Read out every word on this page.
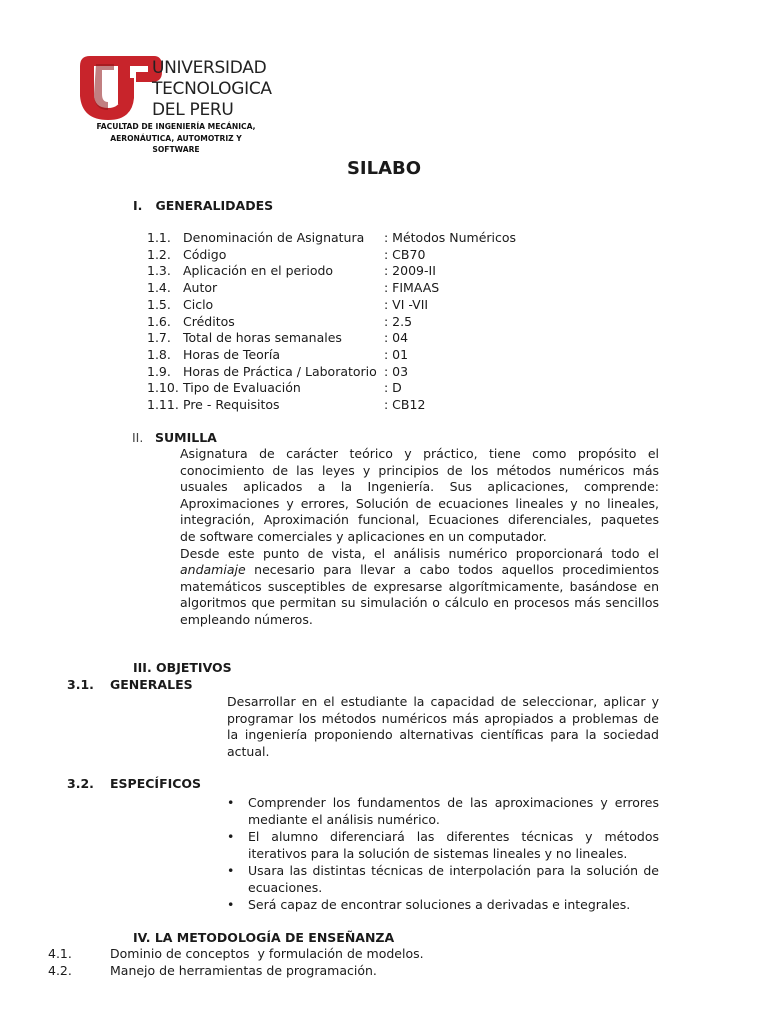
UNIVERSIDAD
TECNOLOGICA
DEL PERU
FACULTAD DE INGENIERÍA MECÁNICA,
AERONÁUTICA, AUTOMOTRIZ Y
SOFTWARE
SILABO
I.   GENERALIDADES
1.1. Denominación de Asignatura : Métodos Numéricos
1.2. Código	: CB70
1.3. Aplicación en el periodo	: 2009-II
1.4. Autor	: FIMAAS
1.5. Ciclo	: VI -VII
1.6. Créditos	: 2.5
1.7. Total de horas semanales	: 04
1.8. Horas de Teoría	: 01
1.9. Horas de Práctica / Laboratorio : 03
1.10. Tipo de Evaluación	: D
1.11. Pre - Requisitos	: CB12
II. SUMILLA
Asignatura de carácter teórico y práctico, tiene como propósito el
conocimiento de las leyes y principios de los métodos numéricos más
usuales aplicados a la Ingeniería. Sus aplicaciones, comprende:
Aproximaciones y errores, Solución de ecuaciones lineales y no lineales,
integración, Aproximación funcional, Ecuaciones diferenciales, paquetes
de software comerciales y aplicaciones en un computador.
Desde este punto de vista, el análisis numérico proporcionará todo el
andamiaje necesario para llevar a cabo todos aquellos procedimientos
matemáticos susceptibles de expresarse algorítmicamente, basándose en
algoritmos que permitan su simulación o cálculo en procesos más sencillos
empleando números.
III. OBJETIVOS
3.1. GENERALES
Desarrollar en el estudiante la capacidad de seleccionar, aplicar y
programar los métodos numéricos más apropiados a problemas de
la ingeniería proponiendo alternativas científicas para la sociedad
actual.
3.2. ESPECÍFICOS
• Comprender los fundamentos de las aproximaciones y errores
mediante el análisis numérico.
• El alumno diferenciará las diferentes técnicas y métodos
iterativos para la solución de sistemas lineales y no lineales.
• Usara las distintas técnicas de interpolación para la solución de
ecuaciones.
• Será capaz de encontrar soluciones a derivadas e integrales.
IV. LA METODOLOGÍA DE ENSEÑANZA
4.1.	Dominio de conceptos  y formulación de modelos.
4.2.	Manejo de herramientas de programación.
